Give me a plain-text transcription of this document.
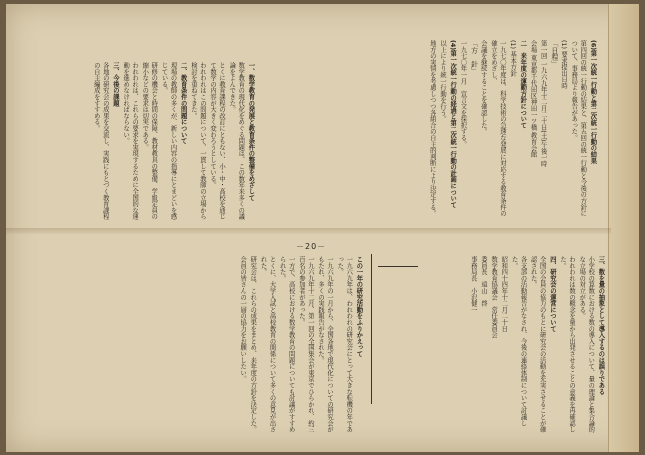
(6)第一次統一行動と第二次統一行動の結果
第四回の統一行動の結果と、第五回の統一行動と今後の方針について、事務局より報告があった。
(1) 要求提出日時
「日程」
第一回 一九六九年十二月二十日(土)午後一時
会場 東京都千代田区神田一ツ橋 教育会館
二　来年度の運動方針について
(1) 基本方針
一九七〇年度は、科学技術の急速な発展に対応する教育条件の確立をめざし、
会議を継続することを確認した。
「方　針」
一九七〇年一月　宣言文を採択する。
(4)第一次統一行動の経過と第二次統一行動の計画について
以上により統一行動を行う。
地方の実情を考慮しつつ各組合の自主的判断により決定する。
一、数学教育の発展と教育条件の整備をめざして
数学教育の現代化をめぐる問題は、この数年来多くの議論をよんできた。
とくに教育課程の改訂にともない、小・中・高校を通じて数学の内容が大きく変わろうとしている。
われわれはこの問題について、一貫して教師の立場から検討を重ねてきた。
二、教育条件の問題について
現場の教師の多くが、新しい内容の指導にとまどいを感じている。
研修の機会と時間の保障、教材教具の整備、学級定員の縮小などの要求は切実である。
われわれは、これらの要求を実現するために全国的な運動を進めなければならない。
三、今後の課題
各地の研究会の成果を交流し、実践にもとづく教育課程の自主編成をすすめる。
－20－
三、数を量の抽象として導入するのは誤りである
小学校の算数における数の導入について、量の理論と集合論的な立場の対立がある。
われわれは数の概念を量から出発させることの意義を再確認した。
四、研究会の運営について
全国の会員の協力のもとに研究会の活動を充実させることが確認された。
各支部の活動報告がなされ、今後の連絡体制について討議した。
昭和四十四年十二月二十日
数学教育協議会　常任委員会
委員長　遠山　啓
事務局長　小沢健一
この一年の研究活動をふりかえって
一九六九年は、われわれの研究会にとって大きな転機の年であった。
一九六九年の一月から、全国各地で現代化についての研究会がもたれ、多くの実践報告がなされた。
一九六九年十二月、第一回の全国集会が東京でひらかれ、約三百名の参加者があった。
一方で、高校における数学教育の問題についても討議がすすめられた。
とくに、大学入試と高校教育の関係について多くの意見が出された。
研究会は、これらの成果をまとめ、来年度の方針を決定した。
会員の皆さんの一層の協力をお願いしたい。
